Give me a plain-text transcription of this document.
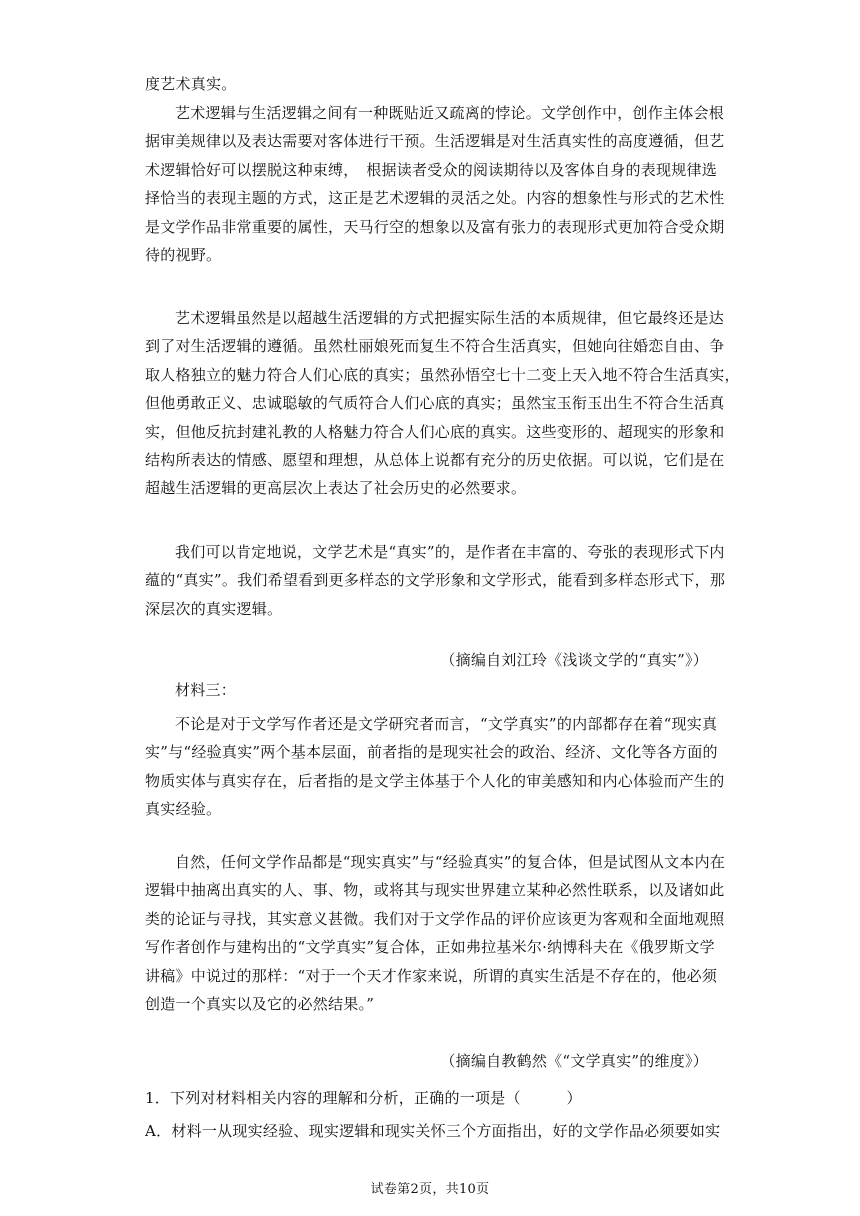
度艺术真实。
艺术逻辑与生活逻辑之间有一种既贴近又疏离的悖论。文学创作中，创作主体会根
据审美规律以及表达需要对客体进行干预。生活逻辑是对生活真实性的高度遵循，但艺
术逻辑恰好可以摆脱这种束缚，　根据读者受众的阅读期待以及客体自身的表现规律选
择恰当的表现主题的方式，这正是艺术逻辑的灵活之处。内容的想象性与形式的艺术性
是文学作品非常重要的属性，天马行空的想象以及富有张力的表现形式更加符合受众期
待的视野。
艺术逻辑虽然是以超越生活逻辑的方式把握实际生活的本质规律，但它最终还是达
到了对生活逻辑的遵循。虽然杜丽娘死而复生不符合生活真实，但她向往婚恋自由、争
取人格独立的魅力符合人们心底的真实；虽然孙悟空七十二变上天入地不符合生活真实，
但他勇敢正义、忠诚聪敏的气质符合人们心底的真实；虽然宝玉衔玉出生不符合生活真
实，但他反抗封建礼教的人格魅力符合人们心底的真实。这些变形的、超现实的形象和
结构所表达的情感、愿望和理想，从总体上说都有充分的历史依据。可以说，它们是在
超越生活逻辑的更高层次上表达了社会历史的必然要求。
我们可以肯定地说，文学艺术是“真实”的，是作者在丰富的、夸张的表现形式下内
蕴的“真实”。我们希望看到更多样态的文学形象和文学形式，能看到多样态形式下，那
深层次的真实逻辑。
（摘编自刘江玲《浅谈文学的“真实”》）
材料三：
不论是对于文学写作者还是文学研究者而言，“文学真实”的内部都存在着“现实真
实”与“经验真实”两个基本层面，前者指的是现实社会的政治、经济、文化等各方面的
物质实体与真实存在，后者指的是文学主体基于个人化的审美感知和内心体验而产生的
真实经验。
自然，任何文学作品都是“现实真实”与“经验真实”的复合体，但是试图从文本内在
逻辑中抽离出真实的人、事、物，或将其与现实世界建立某种必然性联系，以及诸如此
类的论证与寻找，其实意义甚微。我们对于文学作品的评价应该更为客观和全面地观照
写作者创作与建构出的“文学真实”复合体，正如弗拉基米尔·纳博科夫在《俄罗斯文学
讲稿》中说过的那样：“对于一个天才作家来说，所谓的真实生活是不存在的，他必须
创造一个真实以及它的必然结果。”
（摘编自教鹤然《“文学真实”的维度》）
1．下列对材料相关内容的理解和分析，正确的一项是（　　　）
A．材料一从现实经验、现实逻辑和现实关怀三个方面指出，好的文学作品必须要如实
试卷第2页，共10页
